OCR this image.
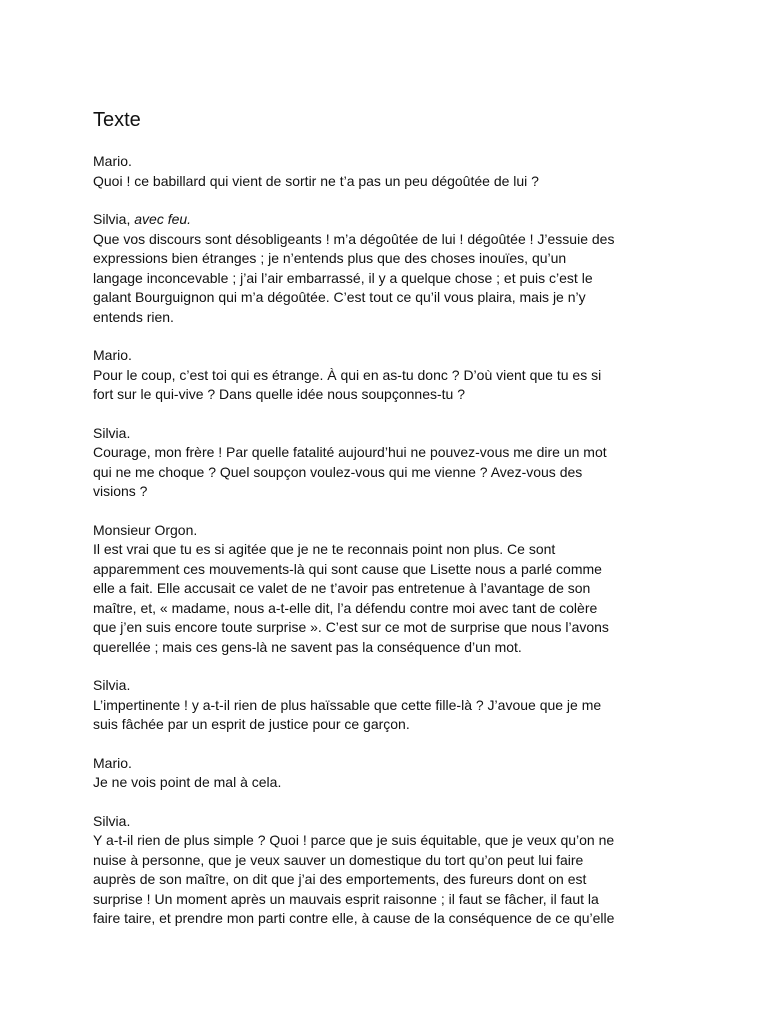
Texte
Mario.
Quoi ! ce babillard qui vient de sortir ne t’a pas un peu dégoûtée de lui ?
Silvia, avec feu.
Que vos discours sont désobligeants ! m’a dégoûtée de lui ! dégoûtée ! J’essuie des
expressions bien étranges ; je n’entends plus que des choses inouïes, qu’un
langage inconcevable ; j’ai l’air embarrassé, il y a quelque chose ; et puis c’est le
galant Bourguignon qui m’a dégoûtée. C’est tout ce qu’il vous plaira, mais je n’y
entends rien.
Mario.
Pour le coup, c’est toi qui es étrange. À qui en as-tu donc ? D’où vient que tu es si
fort sur le qui-vive ? Dans quelle idée nous soupçonnes-tu ?
Silvia.
Courage, mon frère ! Par quelle fatalité aujourd’hui ne pouvez-vous me dire un mot
qui ne me choque ? Quel soupçon voulez-vous qui me vienne ? Avez-vous des
visions ?
Monsieur Orgon.
Il est vrai que tu es si agitée que je ne te reconnais point non plus. Ce sont
apparemment ces mouvements-là qui sont cause que Lisette nous a parlé comme
elle a fait. Elle accusait ce valet de ne t’avoir pas entretenue à l’avantage de son
maître, et, « madame, nous a-t-elle dit, l’a défendu contre moi avec tant de colère
que j’en suis encore toute surprise ». C’est sur ce mot de surprise que nous l’avons
querellée ; mais ces gens-là ne savent pas la conséquence d’un mot.
Silvia.
L’impertinente ! y a-t-il rien de plus haïssable que cette fille-là ? J’avoue que je me
suis fâchée par un esprit de justice pour ce garçon.
Mario.
Je ne vois point de mal à cela.
Silvia.
Y a-t-il rien de plus simple ? Quoi ! parce que je suis équitable, que je veux qu’on ne
nuise à personne, que je veux sauver un domestique du tort qu’on peut lui faire
auprès de son maître, on dit que j’ai des emportements, des fureurs dont on est
surprise ! Un moment après un mauvais esprit raisonne ; il faut se fâcher, il faut la
faire taire, et prendre mon parti contre elle, à cause de la conséquence de ce qu’elle
